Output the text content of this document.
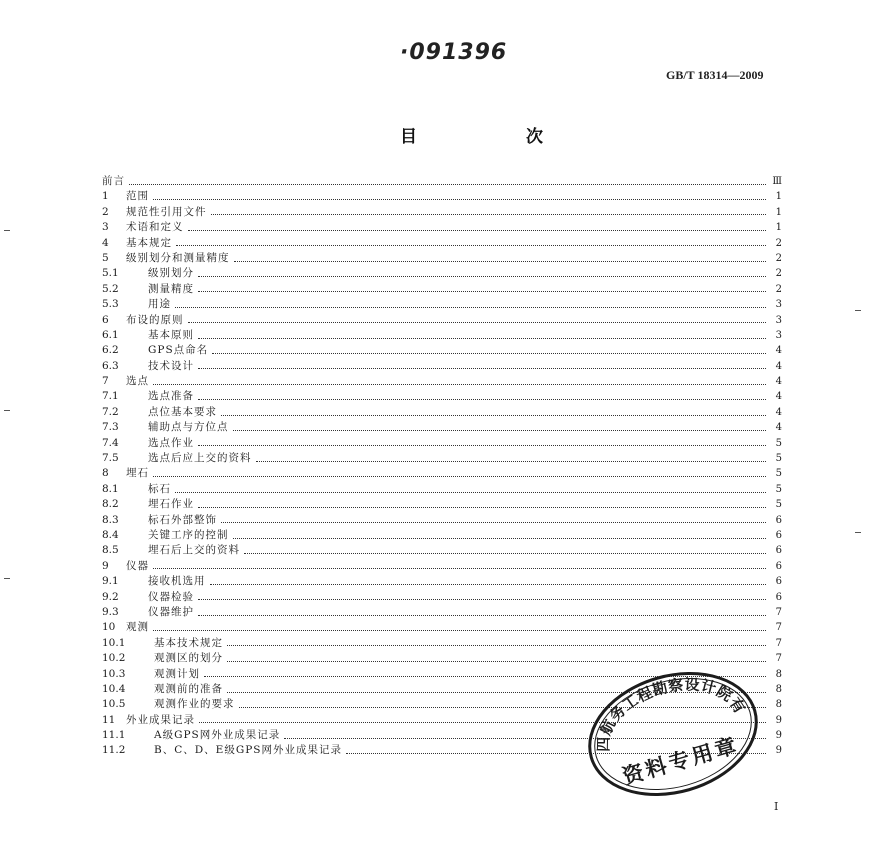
·091396
GB/T 18314—2009
目　次
前言	Ⅲ
1	范围	1
2	规范性引用文件	1
3	术语和定义	1
4	基本规定	2
5	级别划分和测量精度	2
5.1	级别划分	2
5.2	测量精度	2
5.3	用途	3
6	布设的原则	3
6.1	基本原则	3
6.2	GPS点命名	4
6.3	技术设计	4
7	选点	4
7.1	选点准备	4
7.2	点位基本要求	4
7.3	辅助点与方位点	4
7.4	选点作业	5
7.5	选点后应上交的资料	5
8	埋石	5
8.1	标石	5
8.2	埋石作业	5
8.3	标石外部整饰	6
8.4	关键工序的控制	6
8.5	埋石后上交的资料	6
9	仪器	6
9.1	接收机选用	6
9.2	仪器检验	6
9.3	仪器维护	7
10	观测	7
10.1	基本技术规定	7
10.2	观测区的划分	7
10.3	观测计划	8
10.4	观测前的准备	8
10.5	观测作业的要求	8
11	外业成果记录	9
11.1	A级GPS网外业成果记录	9
11.2	B、C、D、E级GPS网外业成果记录	9
中交第四航务工程勘察设计院有限公司
资料专用章
I
